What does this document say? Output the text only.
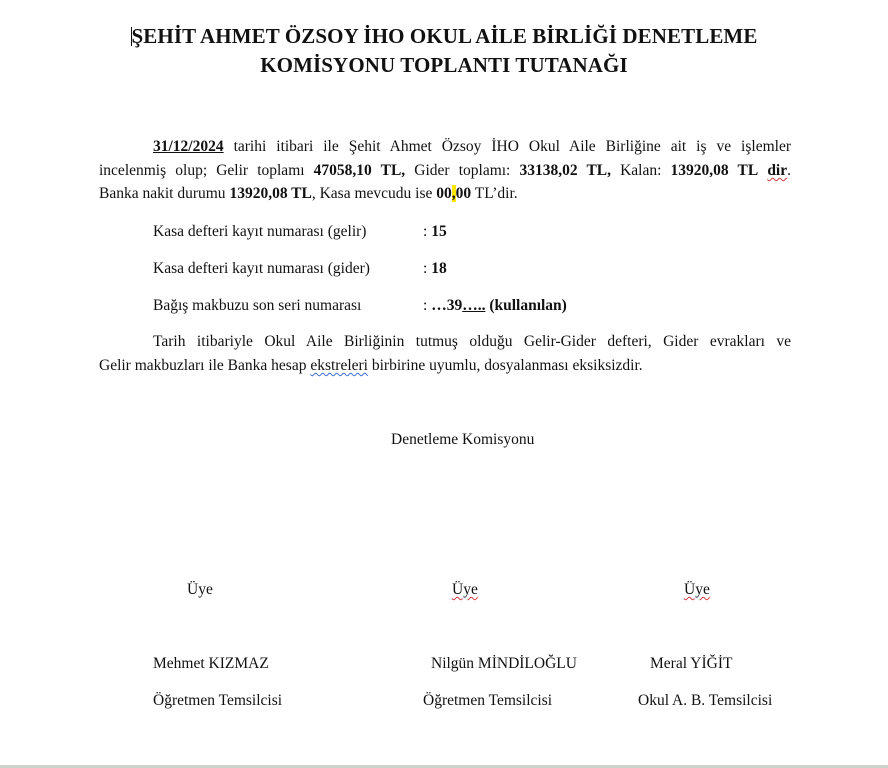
ŞEHİT AHMET ÖZSOY İHO OKUL AİLE BİRLİĞİ DENETLEME
KOMİSYONU TOPLANTI TUTANAĞI
31/12/2024 tarihi itibari ile Şehit Ahmet Özsoy İHO Okul Aile Birliğine ait iş ve işlemler
incelenmiş olup; Gelir toplamı 47058,10 TL, Gider toplamı: 33138,02 TL, Kalan: 13920,08 TL dir.
Banka nakit durumu 13920,08 TL, Kasa mevcudu ise 00,00 TL’dir.
Kasa defteri kayıt numarası (gelir)	: 15
Kasa defteri kayıt numarası (gider)	: 18
Bağış makbuzu son seri numarası	: …39….. (kullanılan)
Tarih itibariyle Okul Aile Birliğinin tutmuş olduğu Gelir-Gider defteri, Gider evrakları ve
Gelir makbuzları ile Banka hesap ekstreleri birbirine uyumlu, dosyalanması eksiksizdir.
Denetleme Komisyonu
Üye	Üye	Üye
Mehmet KIZMAZ	Nilgün MİNDİLOĞLU	Meral YİĞİT
Öğretmen Temsilcisi	Öğretmen Temsilcisi	Okul A. B. Temsilcisi
